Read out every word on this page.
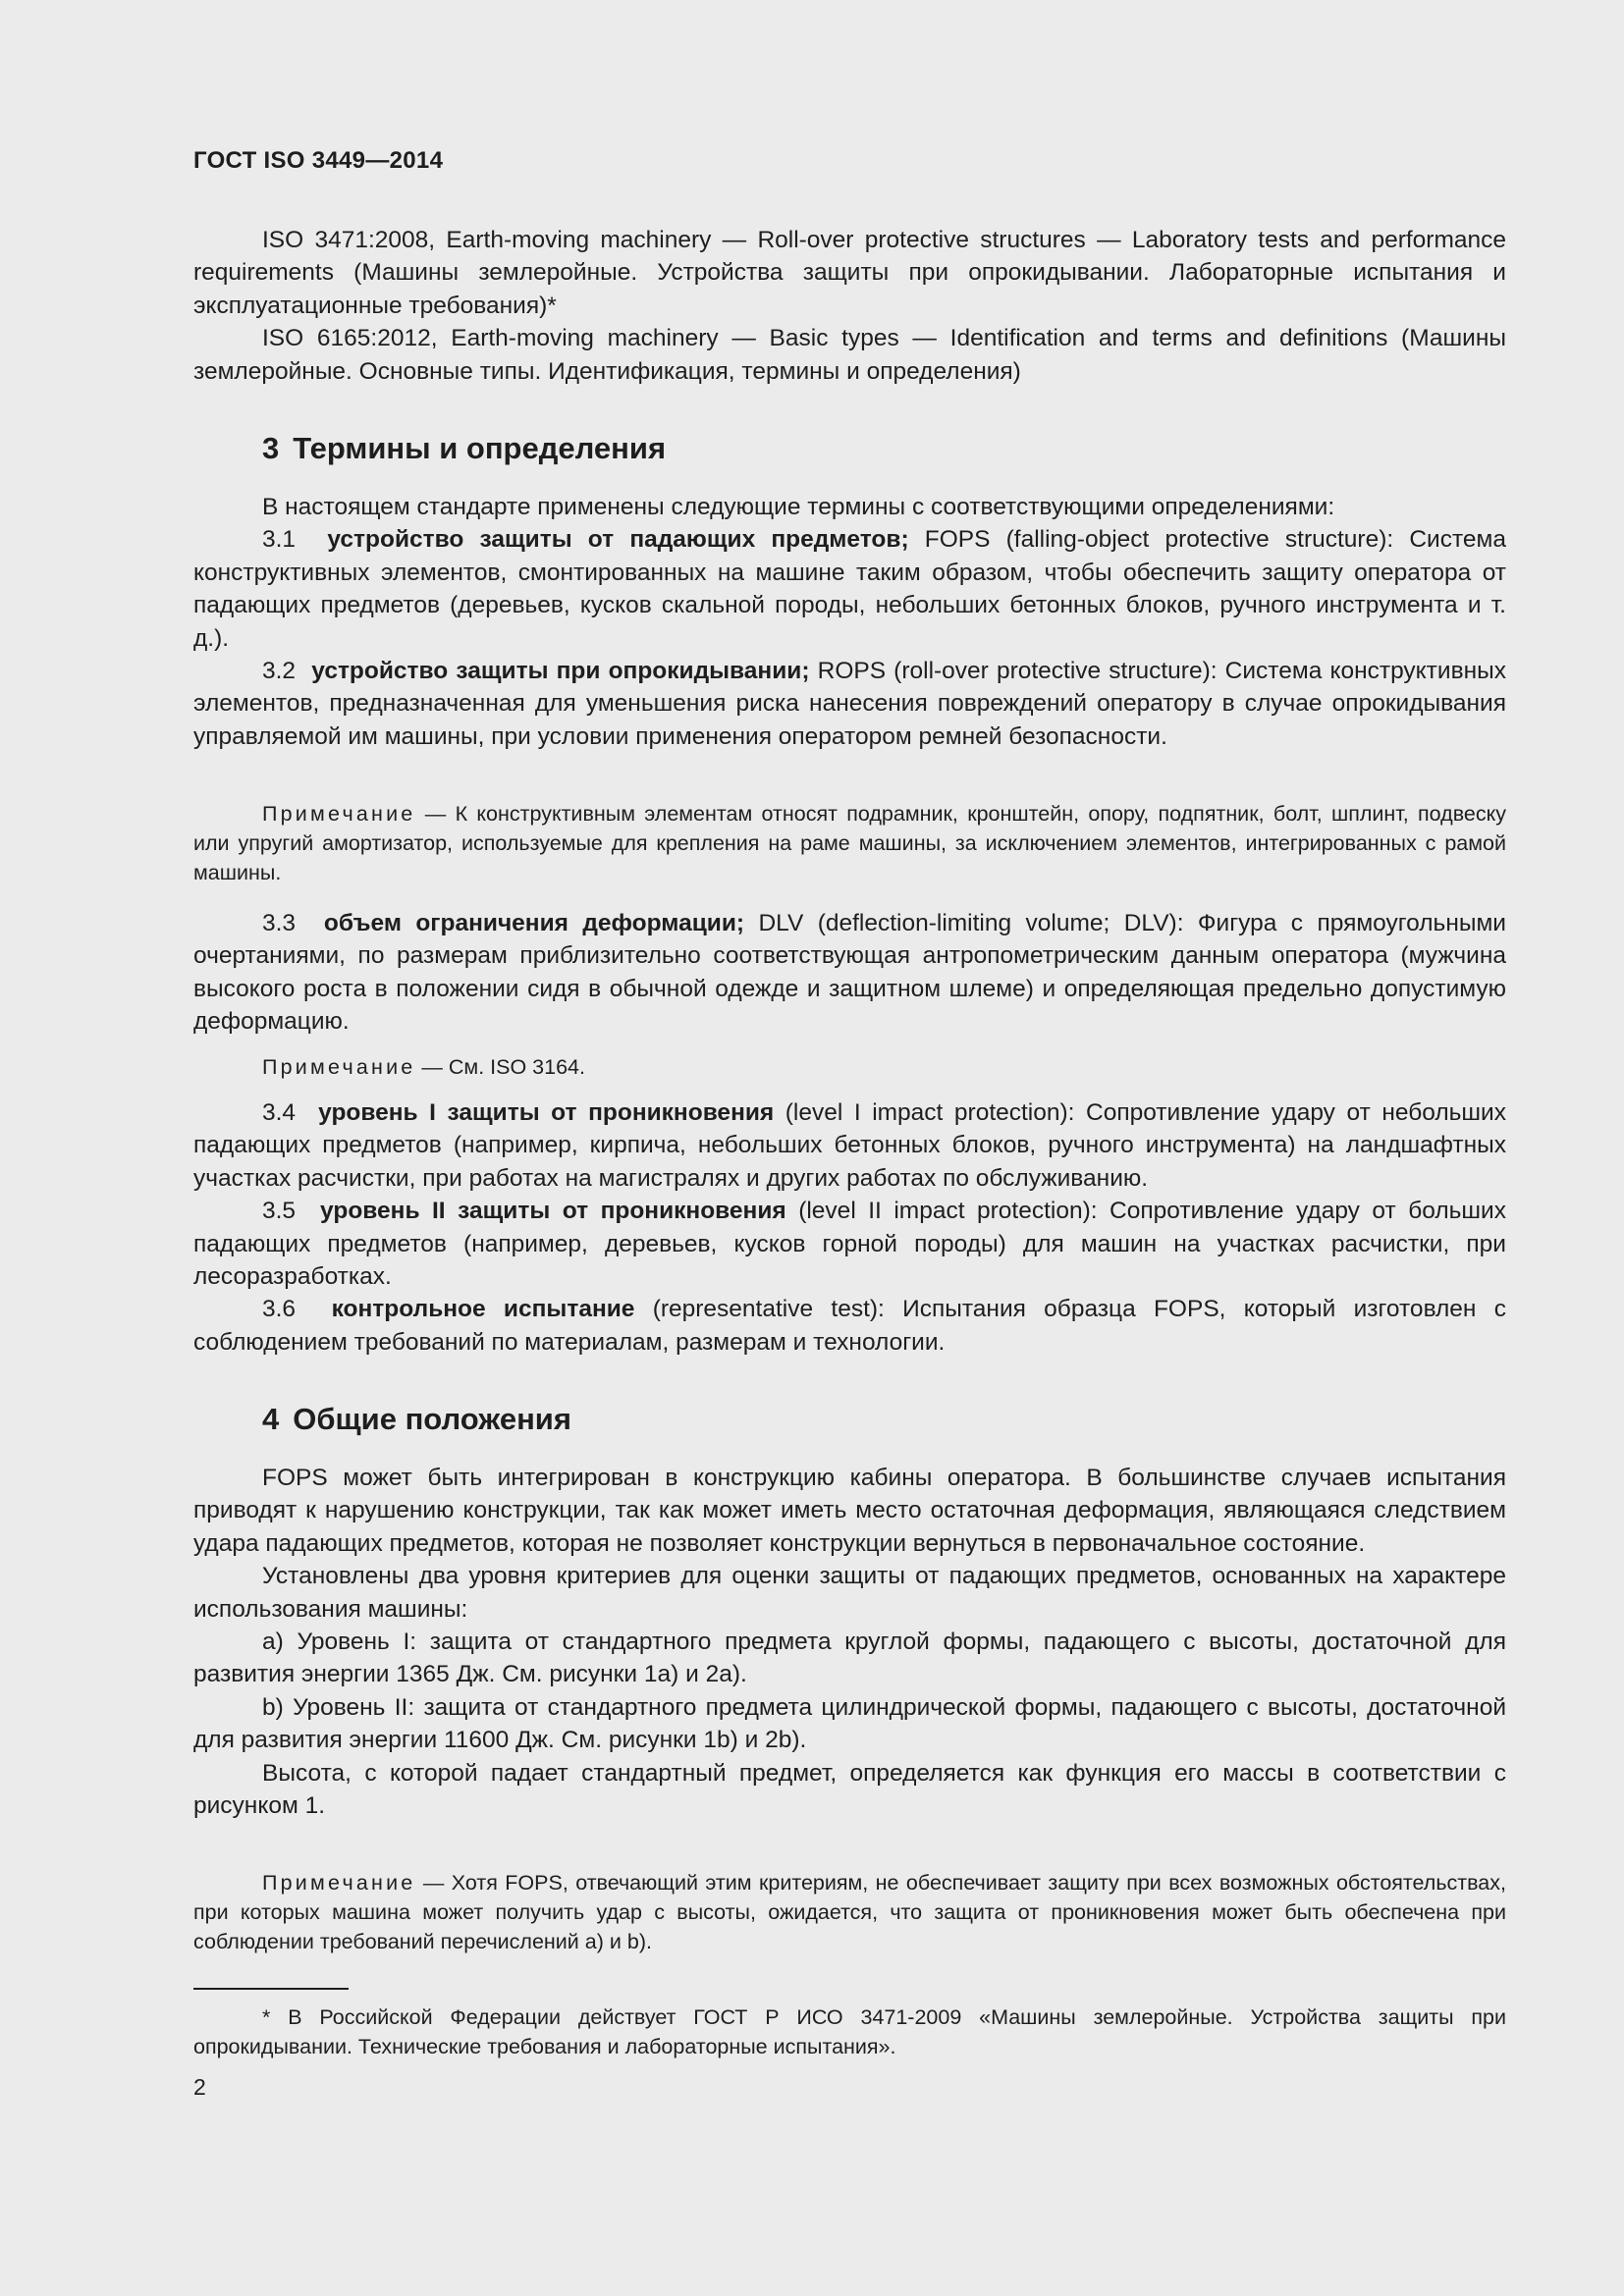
ГОСТ ISO 3449—2014

ISO 3471:2008, Earth-moving machinery — Roll-over protective structures — Laboratory tests and performance requirements (Машины землеройные. Устройства защиты при опрокидывании. Лабораторные испытания и эксплуатационные требования)*

ISO 6165:2012, Earth-moving machinery — Basic types — Identification and terms and definitions (Машины землеройные. Основные типы. Идентификация, термины и определения)

3 Термины и определения

В настоящем стандарте применены следующие термины с соответствующими определениями:

3.1 устройство защиты от падающих предметов; FOPS (falling-object protective structure): Система конструктивных элементов, смонтированных на машине таким образом, чтобы обеспечить защиту оператора от падающих предметов (деревьев, кусков скальной породы, небольших бетонных блоков, ручного инструмента и т. д.).

3.2 устройство защиты при опрокидывании; ROPS (roll-over protective structure): Система конструктивных элементов, предназначенная для уменьшения риска нанесения повреждений оператору в случае опрокидывания управляемой им машины, при условии применения оператором ремней безопасности.

Примечание — К конструктивным элементам относят подрамник, кронштейн, опору, подпятник, болт, шплинт, подвеску или упругий амортизатор, используемые для крепления на раме машины, за исключением элементов, интегрированных с рамой машины.

3.3 объем ограничения деформации; DLV (deflection-limiting volume; DLV): Фигура с прямоугольными очертаниями, по размерам приблизительно соответствующая антропометрическим данным оператора (мужчина высокого роста в положении сидя в обычной одежде и защитном шлеме) и определяющая предельно допустимую деформацию.

Примечание — См. ISO 3164.

3.4 уровень I защиты от проникновения (level I impact protection): Сопротивление удару от небольших падающих предметов (например, кирпича, небольших бетонных блоков, ручного инструмента) на ландшафтных участках расчистки, при работах на магистралях и других работах по обслуживанию.

3.5 уровень II защиты от проникновения (level II impact protection): Сопротивление удару от больших падающих предметов (например, деревьев, кусков горной породы) для машин на участках расчистки, при лесоразработках.

3.6 контрольное испытание (representative test): Испытания образца FOPS, который изготовлен с соблюдением требований по материалам, размерам и технологии.

4 Общие положения

FOPS может быть интегрирован в конструкцию кабины оператора. В большинстве случаев испытания приводят к нарушению конструкции, так как может иметь место остаточная деформация, являющаяся следствием удара падающих предметов, которая не позволяет конструкции вернуться в первоначальное состояние.

Установлены два уровня критериев для оценки защиты от падающих предметов, основанных на характере использования машины:

а) Уровень I: защита от стандартного предмета круглой формы, падающего с высоты, достаточной для развития энергии 1365 Дж. См. рисунки 1а) и 2а).

b) Уровень II: защита от стандартного предмета цилиндрической формы, падающего с высоты, достаточной для развития энергии 11600 Дж. См. рисунки 1b) и 2b).

Высота, с которой падает стандартный предмет, определяется как функция его массы в соответствии с рисунком 1.

Примечание — Хотя FOPS, отвечающий этим критериям, не обеспечивает защиту при всех возможных обстоятельствах, при которых машина может получить удар с высоты, ожидается, что защита от проникновения может быть обеспечена при соблюдении требований перечислений а) и b).

* В Российской Федерации действует ГОСТ Р ИСО 3471-2009 «Машины землеройные. Устройства защиты при опрокидывании. Технические требования и лабораторные испытания».

2
